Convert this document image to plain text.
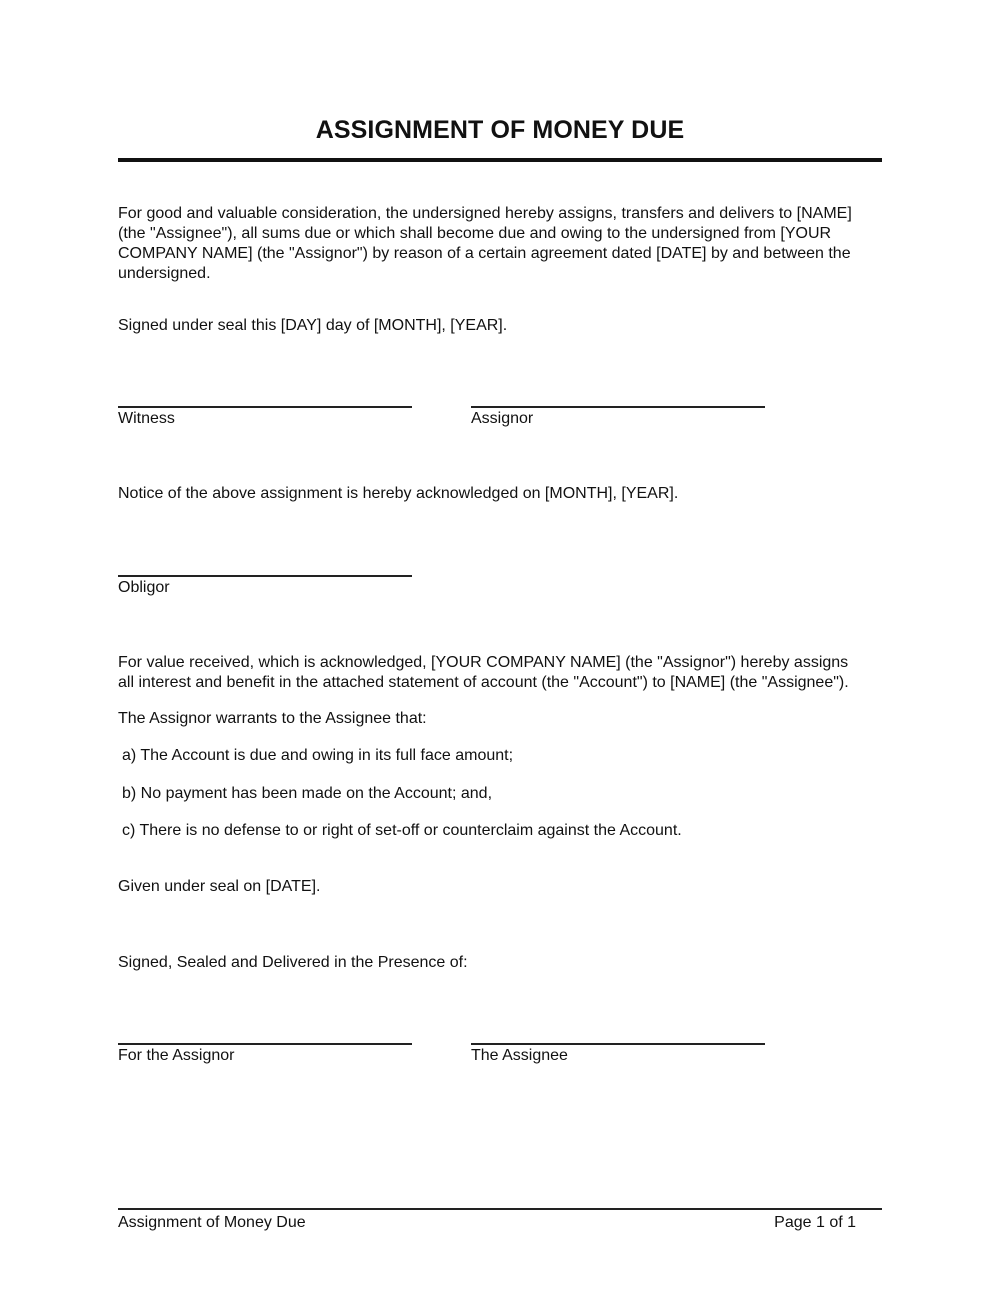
ASSIGNMENT OF MONEY DUE
For good and valuable consideration, the undersigned hereby assigns, transfers and delivers to [NAME]
(the "Assignee"), all sums due or which shall become due and owing to the undersigned from [YOUR
COMPANY NAME] (the "Assignor") by reason of a certain agreement dated [DATE] by and between the
undersigned.
Signed under seal this [DAY] day of [MONTH], [YEAR].
Witness	Assignor
Notice of the above assignment is hereby acknowledged on [MONTH], [YEAR].
Obligor
For value received, which is acknowledged, [YOUR COMPANY NAME] (the "Assignor") hereby assigns
all interest and benefit in the attached statement of account (the "Account") to [NAME] (the "Assignee").
The Assignor warrants to the Assignee that:
a) The Account is due and owing in its full face amount;
b) No payment has been made on the Account; and,
c) There is no defense to or right of set-off or counterclaim against the Account.
Given under seal on [DATE].
Signed, Sealed and Delivered in the Presence of:
For the Assignor	The Assignee
Assignment of Money Due	Page 1 of 1
